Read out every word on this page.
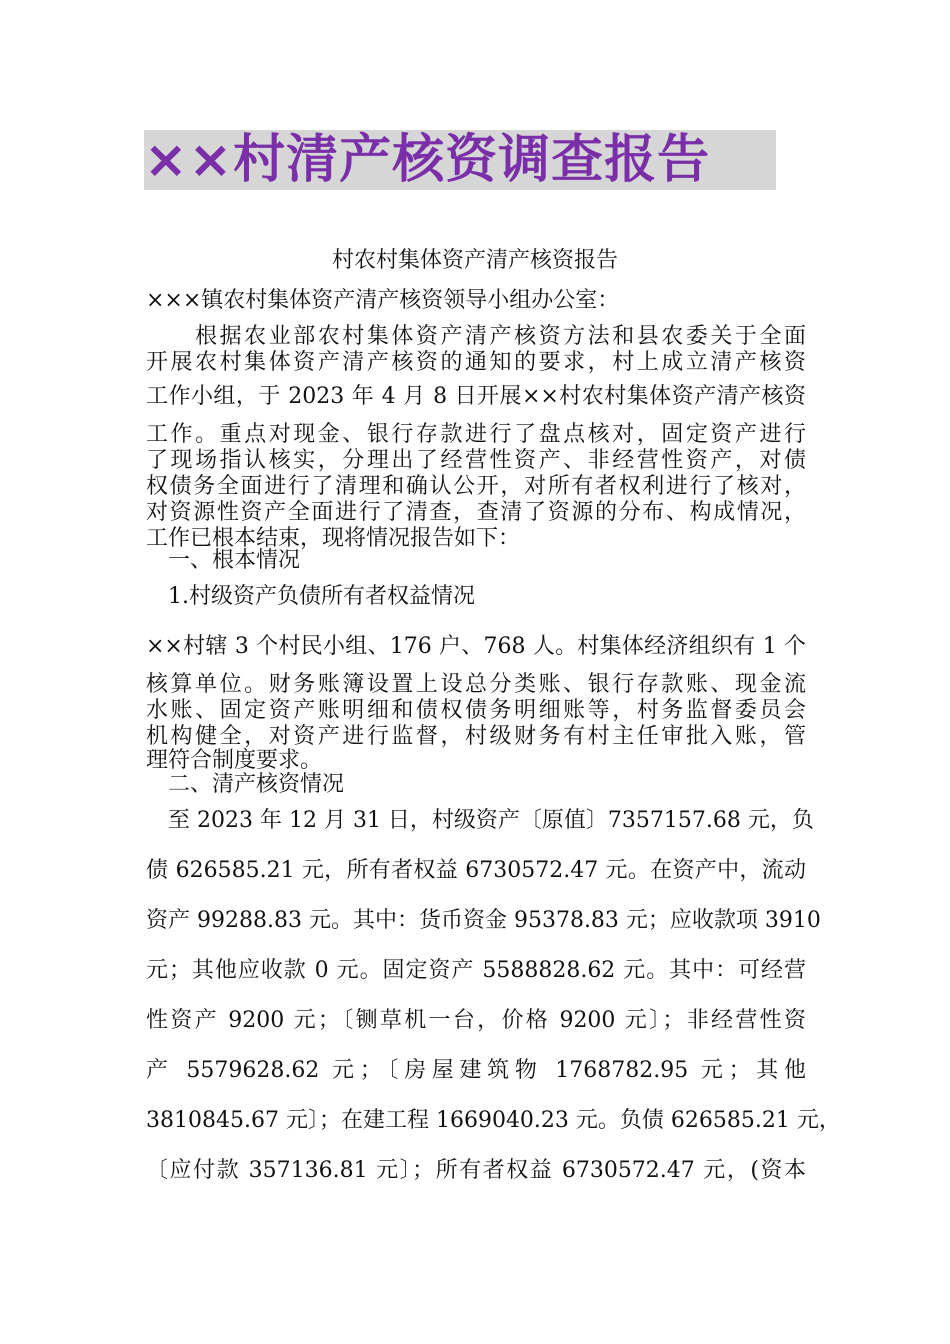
××村清产核资调查报告
村农村集体资产清产核资报告
×××镇农村集体资产清产核资领导小组办公室：
　　根据农业部农村集体资产清产核资方法和县农委关于全面
开展农村集体资产清产核资的通知的要求，村上成立清产核资
工作小组，于 2023 年 4 月 8 日开展××村农村集体资产清产核资
工作。重点对现金、银行存款进行了盘点核对，固定资产进行
了现场指认核实，分理出了经营性资产、非经营性资产，对债
权债务全面进行了清理和确认公开，对所有者权利进行了核对，
对资源性资产全面进行了清查，查清了资源的分布、构成情况，
工作已根本结束，现将情况报告如下：
　一、根本情况
　1.村级资产负债所有者权益情况
××村辖 3 个村民小组、176 户、768 人。村集体经济组织有 1 个
核算单位。财务账簿设置上设总分类账、银行存款账、现金流
水账、固定资产账明细和债权债务明细账等，村务监督委员会
机构健全，对资产进行监督，村级财务有村主任审批入账，管
理符合制度要求。
　二、清产核资情况
　至 2023 年 12 月 31 日，村级资产〔原值〕7357157.68 元，负
债 626585.21 元，所有者权益 6730572.47 元。在资产中，流动
资产 99288.83 元。其中：货币资金 95378.83 元；应收款项 3910
元；其他应收款 0 元。固定资产 5588828.62 元。其中：可经营
性资产 9200 元；〔铡草机一台，价格 9200 元〕；非经营性资
产 5579628.62 元；〔房屋建筑物 1768782.95 元；其他
3810845.67 元〕；在建工程 1669040.23 元。负债 626585.21 元，
〔应付款 357136.81 元〕；所有者权益 6730572.47 元，(资本
